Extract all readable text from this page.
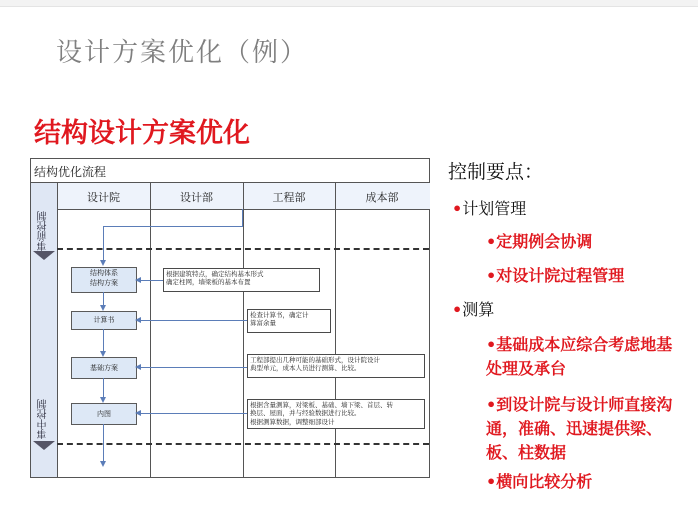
设计方案优化（例）
结构设计方案优化
结构优化流程
设计院	设计部	工程部	成本部
事前控制
事中控制
结构体系
结构方案
计算书
基础方案
内图
根据建筑特点，确定结构基本形式
确定柱网，墙梁板的基本布置
检查计算书，确定计
算富余量
工程部提出几种可能的基础形式，设计院设计
典型单元，成本人员进行测算、比较。
根据含量测算，对梁板、基础、墙下梁、首层、转
换层、屋面，并与经验数据进行比较。
根据测算数据，调整细部设计
控制要点：
•计划管理
•定期例会协调
•对设计院过程管理
•测算
•基础成本应综合考虑地基处理及承台
•到设计院与设计师直接沟通，准确、迅速提供梁、板、柱数据
•横向比较分析
